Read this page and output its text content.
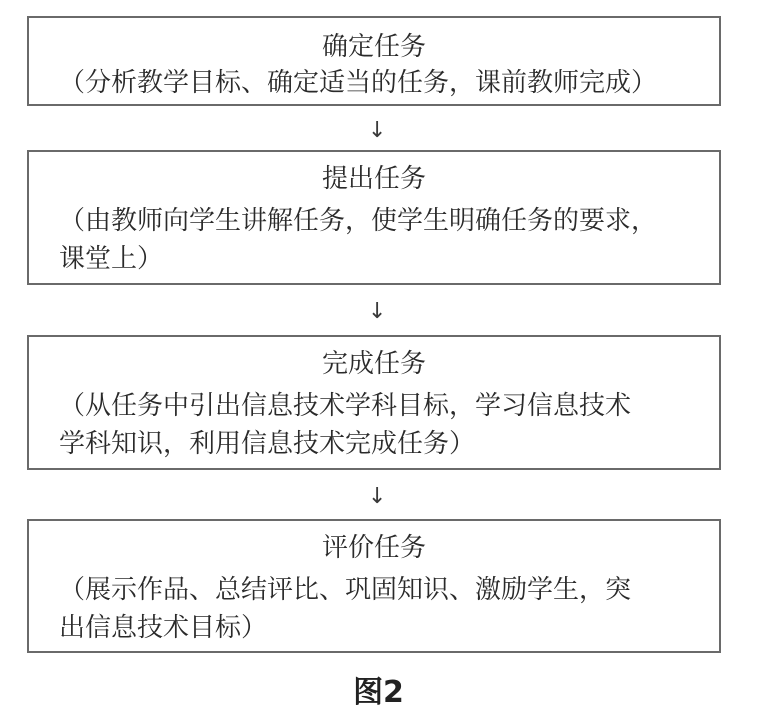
确定任务
（分析教学目标、确定适当的任务，课前教师完成）
↓
提出任务
（由教师向学生讲解任务，使学生明确任务的要求，
课堂上）
↓
完成任务
（从任务中引出信息技术学科目标，学习信息技术
学科知识，利用信息技术完成任务）
↓
评价任务
（展示作品、总结评比、巩固知识、激励学生，突
出信息技术目标）
图2
